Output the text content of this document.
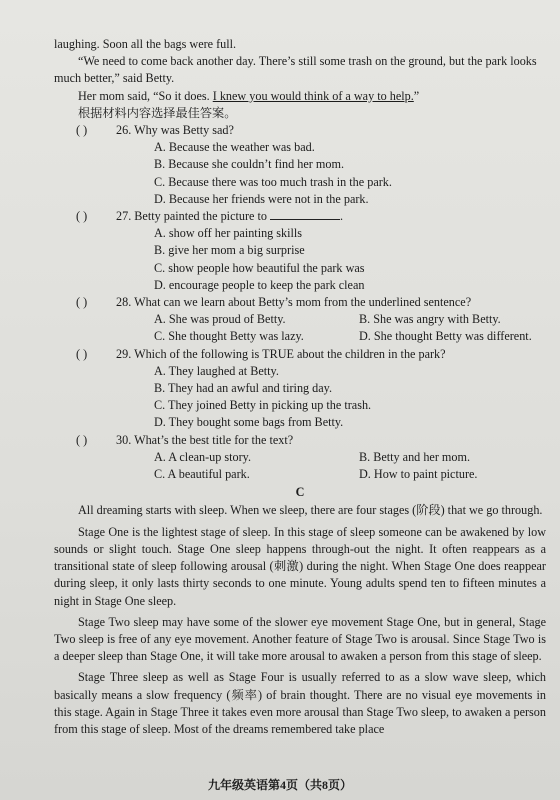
laughing. Soon all the bags were full.

“We need to come back another day. There’s still some trash on the ground, but the park looks much better,” said Betty.

Her mom said, “So it does. I knew you would think of a way to help.”

根据材料内容选择最佳答案。

( ) 26. Why was Betty sad?

A. Because the weather was bad.

B. Because she couldn’t find her mom.

C. Because there was too much trash in the park.

D. Because her friends were not in the park.

( ) 27. Betty painted the picture to	.

A. show off her painting skills

B. give her mom a big surprise

C. show people how beautiful the park was

D. encourage people to keep the park clean

( ) 28. What can we learn about Betty’s mom from the underlined sentence?

A. She was proud of Betty.	B. She was angry with Betty.
C. She thought Betty was lazy.	D. She thought Betty was different.

( ) 29. Which of the following is TRUE about the children in the park?

A. They laughed at Betty.

B. They had an awful and tiring day.

C. They joined Betty in picking up the trash.

D. They bought some bags from Betty.

( ) 30. What’s the best title for the text?

A. A clean-up story.	B. Betty and her mom.
C. A beautiful park.	D. How to paint picture.

C

All dreaming starts with sleep. When we sleep, there are four stages (阶段) that we go through.

Stage One is the lightest stage of sleep. In this stage of sleep someone can be awakened by low sounds or slight touch. Stage One sleep happens through-out the night. It often reappears as a transitional state of sleep following arousal (刺激) during the night. When Stage One does reappear during sleep, it only lasts thirty seconds to one minute. Young adults spend ten to fifteen minutes a night in Stage One sleep.

Stage Two sleep may have some of the slower eye movement Stage One, but in general, Stage Two sleep is free of any eye movement. Another feature of Stage Two is arousal. Since Stage Two is a deeper sleep than Stage One, it will take more arousal to awaken a person from this stage of sleep.

Stage Three sleep as well as Stage Four is usually referred to as a slow wave sleep, which basically means a slow frequency (频率) of brain thought. There are no visual eye movements in this stage. Again in Stage Three it takes even more arousal than Stage Two sleep, to awaken a person from this stage of sleep. Most of the dreams remembered take place

九年级英语第4页（共8页）
